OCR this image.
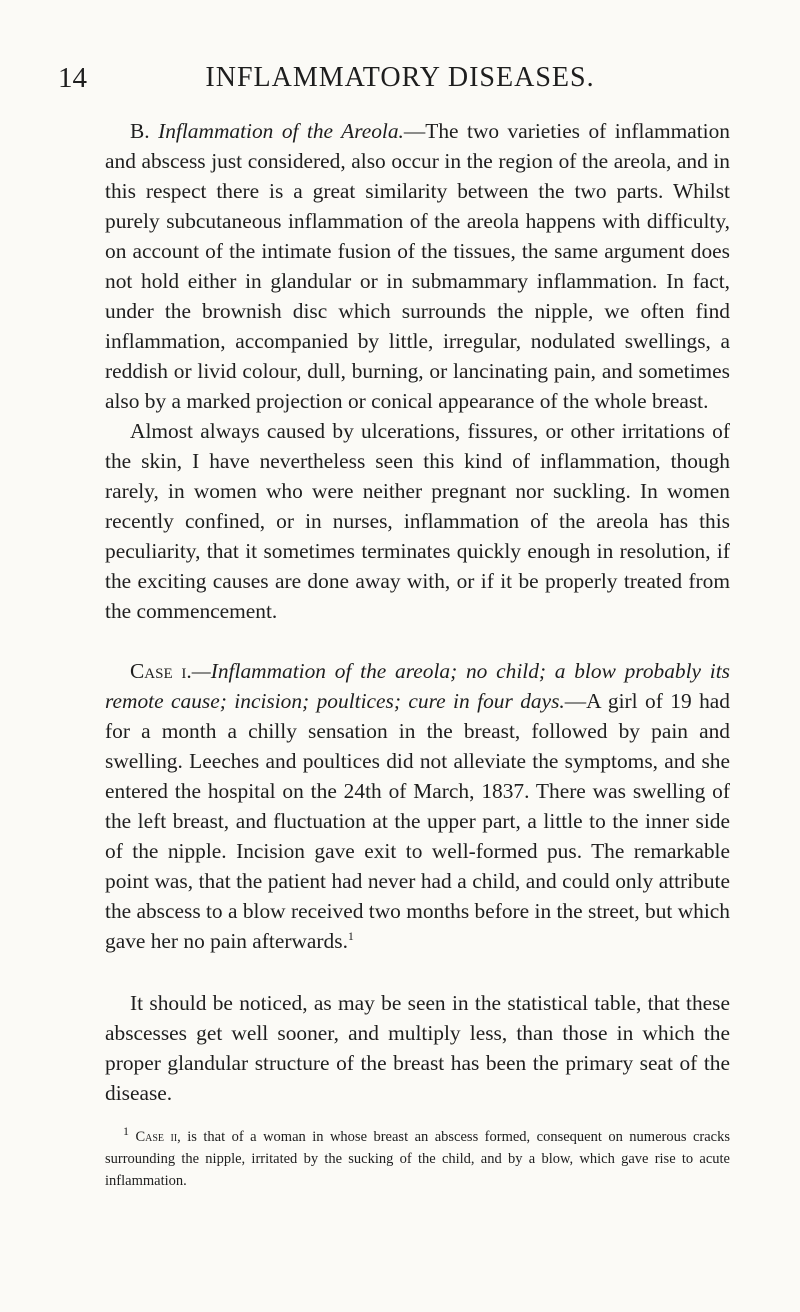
14	INFLAMMATORY DISEASES.

B. Inflammation of the Areola.—The two varieties of inflammation and abscess just considered, also occur in the region of the areola, and in this respect there is a great similarity between the two parts. Whilst purely subcutaneous inflammation of the areola happens with difficulty, on account of the intimate fusion of the tissues, the same argument does not hold either in glandular or in submammary inflammation. In fact, under the brownish disc which surrounds the nipple, we often find inflammation, accompanied by little, irregular, nodulated swellings, a reddish or livid colour, dull, burning, or lancinating pain, and sometimes also by a marked projection or conical appearance of the whole breast.

Almost always caused by ulcerations, fissures, or other irritations of the skin, I have nevertheless seen this kind of inflammation, though rarely, in women who were neither pregnant nor suckling. In women recently confined, or in nurses, inflammation of the areola has this peculiarity, that it sometimes terminates quickly enough in resolution, if the exciting causes are done away with, or if it be properly treated from the commencement.

Case i.—Inflammation of the areola; no child; a blow probably its remote cause; incision; poultices; cure in four days.—A girl of 19 had for a month a chilly sensation in the breast, followed by pain and swelling. Leeches and poultices did not alleviate the symptoms, and she entered the hospital on the 24th of March, 1837. There was swelling of the left breast, and fluctuation at the upper part, a little to the inner side of the nipple. Incision gave exit to well-formed pus. The remarkable point was, that the patient had never had a child, and could only attribute the abscess to a blow received two months before in the street, but which gave her no pain afterwards.$^1$

It should be noticed, as may be seen in the statistical table, that these abscesses get well sooner, and multiply less, than those in which the proper glandular structure of the breast has been the primary seat of the disease.

$^1$ Case ii, is that of a woman in whose breast an abscess formed, consequent on numerous cracks surrounding the nipple, irritated by the sucking of the child, and by a blow, which gave rise to acute inflammation.
